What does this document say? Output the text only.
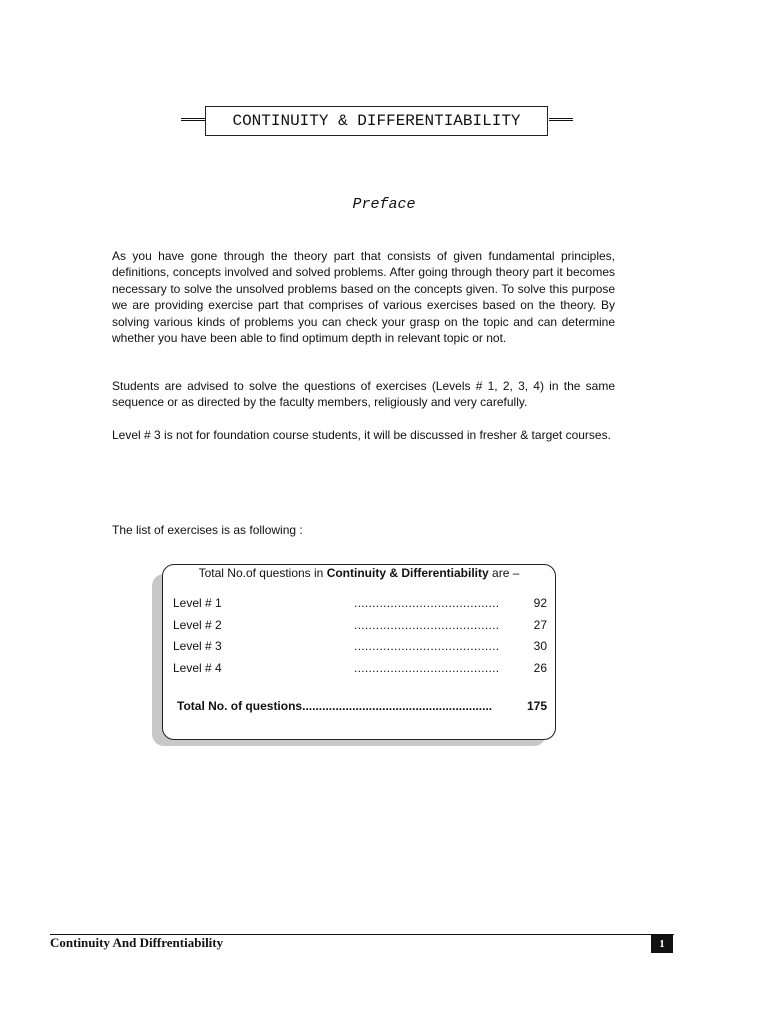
CONTINUITY & DIFFERENTIABILITY
Preface

As you have gone through the theory part that consists of given fundamental principles, definitions, concepts involved and solved problems. After going through theory part it becomes necessary to solve the unsolved problems based on the concepts given. To solve this purpose we are providing exercise part that comprises of various exercises based on the theory. By solving various kinds of problems you can check your grasp on the topic and can determine whether you have been able to find optimum depth in relevant topic or not.

Students are advised to solve the questions of exercises (Levels # 1, 2, 3, 4) in the same sequence or as directed by the faculty members, religiously and very carefully.

Level # 3 is not for foundation course students, it will be discussed in fresher & target courses.

The list of exercises is as following :

Total No.of questions in Continuity & Differentiability are –
Level # 1	........................................	92
Level # 2	........................................	27
Level # 3	........................................	30
Level # 4	........................................	26
Total No. of questions.........................................................	175
Continuity And Diffrentiability	1
